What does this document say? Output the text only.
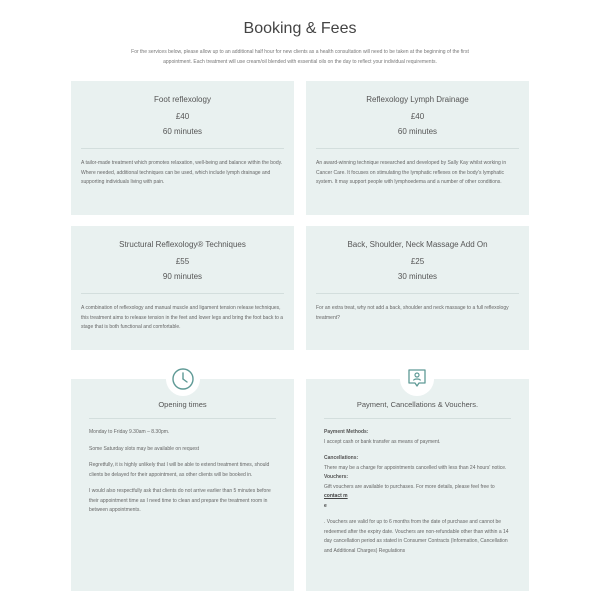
Booking & Fees

For the services below, please allow up to an additional half hour for new clients as a health consultation will need to be taken at the beginning of the first appointment. Each treatment will use cream/oil blended with essential oils on the day to reflect your individual requirements.

Foot reflexology
£40
60 minutes
A tailor-made treatment which promotes relaxation, well-being and balance within the body. Where needed, additional techniques can be used, which include lymph drainage and supporting individuals living with pain.
Reflexology Lymph Drainage
£40
60 minutes
An award-winning technique researched and developed by Sally Kay whilst working in Cancer Care. It focuses on stimulating the lymphatic reflexes on the body's lymphatic system. It may support people with lymphoedema and a number of other conditions.
Structural Reflexology® Techniques
£55
90 minutes
A combination of reflexology and manual muscle and ligament tension release techniques, this treatment aims to release tension in the feet and lower legs and bring the foot back to a stage that is both functional and comfortable.
Back, Shoulder, Neck Massage Add On
£25
30 minutes
For an extra treat, why not add a back, shoulder and neck massage to a full reflexology treatment?
Opening times

Monday to Friday 9.30am – 8.30pm.

Some Saturday slots may be available on request

Regretfully, it is highly unlikely that I will be able to extend treatment times, should clients be delayed for their appointment, as other clients will be booked in.

I would also respectfully ask that clients do not arrive earlier than 5 minutes before their appointment time as I need time to clean and prepare the treatment room in between appointments.

Payment, Cancellations & Vouchers.

Payment Methods:

I accept cash or bank transfer as means of payment.

Cancellations:

There may be a charge for appointments cancelled with less than 24 hours' notice.

Vouchers:

Gift vouchers are available to purchases. For more details, please feel free to

contact m

e

. Vouchers are valid for up to 6 months from the date of purchase and cannot be redeemed after the expiry date. Vouchers are non-refundable other than within a 14 day cancellation period as stated in Consumer Contracts (Information, Cancellation and Additional Charges) Regulations
